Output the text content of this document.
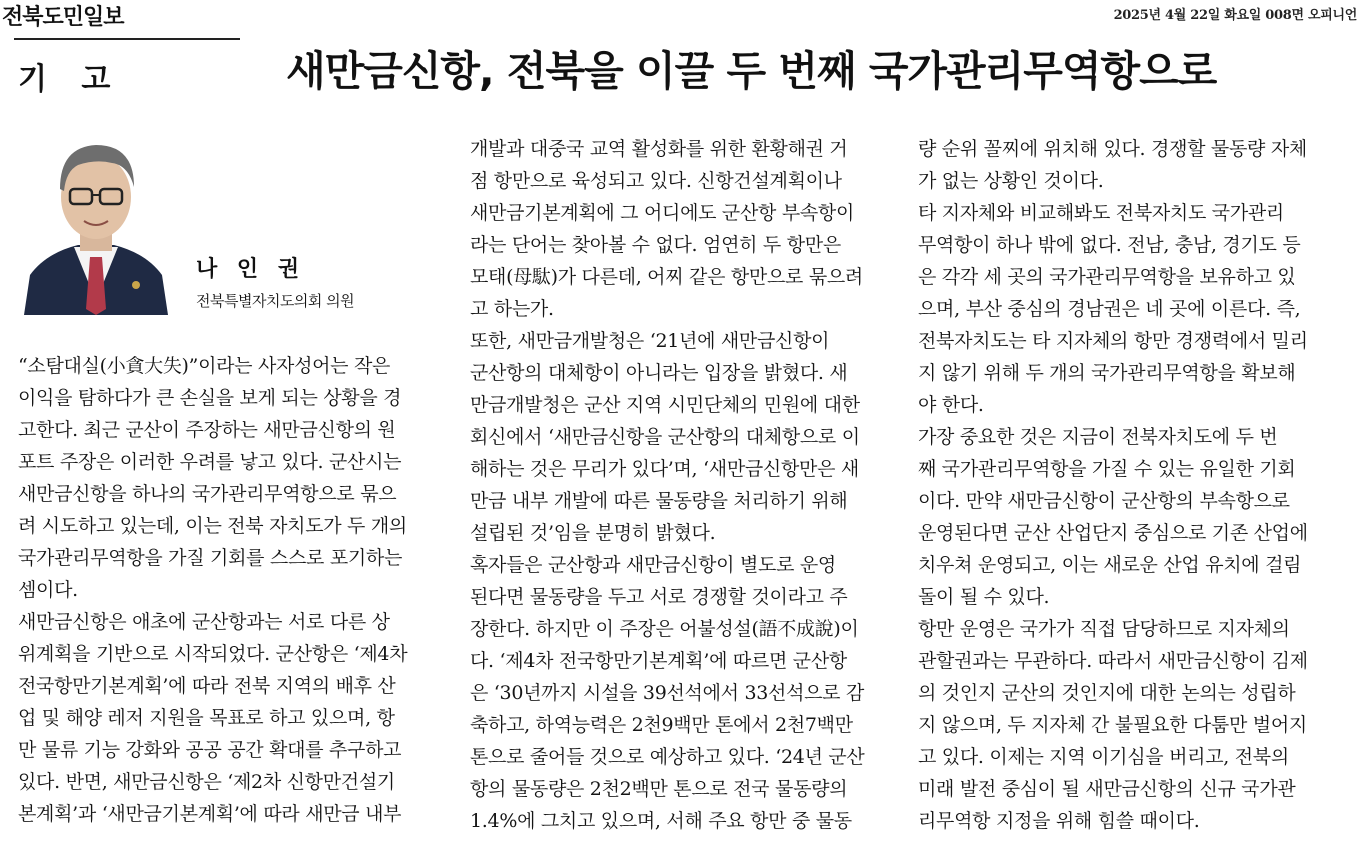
전북도민일보	2025년 4월 22일 화요일 008면 오피니언
기 고	새만금신항, 전북을 이끌 두 번째 국가관리무역항으로
나 인 권
전북특별자치도의회 의원
“소탐대실(小貪大失)”이라는 사자성어는 작은
이익을 탐하다가 큰 손실을 보게 되는 상황을 경
고한다. 최근 군산이 주장하는 새만금신항의 원
포트 주장은 이러한 우려를 낳고 있다. 군산시는
새만금신항을 하나의 국가관리무역항으로 묶으
려 시도하고 있는데, 이는 전북 자치도가 두 개의
국가관리무역항을 가질 기회를 스스로 포기하는
셈이다.
새만금신항은 애초에 군산항과는 서로 다른 상
위계획을 기반으로 시작되었다. 군산항은 ‘제4차
전국항만기본계획’에 따라 전북 지역의 배후 산
업 및 해양 레저 지원을 목표로 하고 있으며, 항
만 물류 기능 강화와 공공 공간 확대를 추구하고
있다. 반면, 새만금신항은 ‘제2차 신항만건설기
본계획’과 ‘새만금기본계획’에 따라 새만금 내부
개발과 대중국 교역 활성화를 위한 환황해권 거
점 항만으로 육성되고 있다. 신항건설계획이나
새만금기본계획에 그 어디에도 군산항 부속항이
라는 단어는 찾아볼 수 없다. 엄연히 두 항만은
모태(母駄)가 다른데, 어찌 같은 항만으로 묶으려
고 하는가.
또한, 새만금개발청은 ‘21년에 새만금신항이
군산항의 대체항이 아니라는 입장을 밝혔다. 새
만금개발청은 군산 지역 시민단체의 민원에 대한
회신에서 ‘새만금신항을 군산항의 대체항으로 이
해하는 것은 무리가 있다’며, ‘새만금신항만은 새
만금 내부 개발에 따른 물동량을 처리하기 위해
설립된 것’임을 분명히 밝혔다.
혹자들은 군산항과 새만금신항이 별도로 운영
된다면 물동량을 두고 서로 경쟁할 것이라고 주
장한다. 하지만 이 주장은 어불성설(語不成說)이
다. ‘제4차 전국항만기본계획’에 따르면 군산항
은 ‘30년까지 시설을 39선석에서 33선석으로 감
축하고, 하역능력은 2천9백만 톤에서 2천7백만
톤으로 줄어들 것으로 예상하고 있다. ‘24년 군산
항의 물동량은 2천2백만 톤으로 전국 물동량의
1.4%에 그치고 있으며, 서해 주요 항만 중 물동
량 순위 꼴찌에 위치해 있다. 경쟁할 물동량 자체
가 없는 상황인 것이다.
타 지자체와 비교해봐도 전북자치도 국가관리
무역항이 하나 밖에 없다. 전남, 충남, 경기도 등
은 각각 세 곳의 국가관리무역항을 보유하고 있
으며, 부산 중심의 경남권은 네 곳에 이른다. 즉,
전북자치도는 타 지자체의 항만 경쟁력에서 밀리
지 않기 위해 두 개의 국가관리무역항을 확보해
야 한다.
가장 중요한 것은 지금이 전북자치도에 두 번
째 국가관리무역항을 가질 수 있는 유일한 기회
이다. 만약 새만금신항이 군산항의 부속항으로
운영된다면 군산 산업단지 중심으로 기존 산업에
치우쳐 운영되고, 이는 새로운 산업 유치에 걸림
돌이 될 수 있다.
항만 운영은 국가가 직접 담당하므로 지자체의
관할권과는 무관하다. 따라서 새만금신항이 김제
의 것인지 군산의 것인지에 대한 논의는 성립하
지 않으며, 두 지자체 간 불필요한 다툼만 벌어지
고 있다. 이제는 지역 이기심을 버리고, 전북의
미래 발전 중심이 될 새만금신항의 신규 국가관
리무역항 지정을 위해 힘쓸 때이다.
